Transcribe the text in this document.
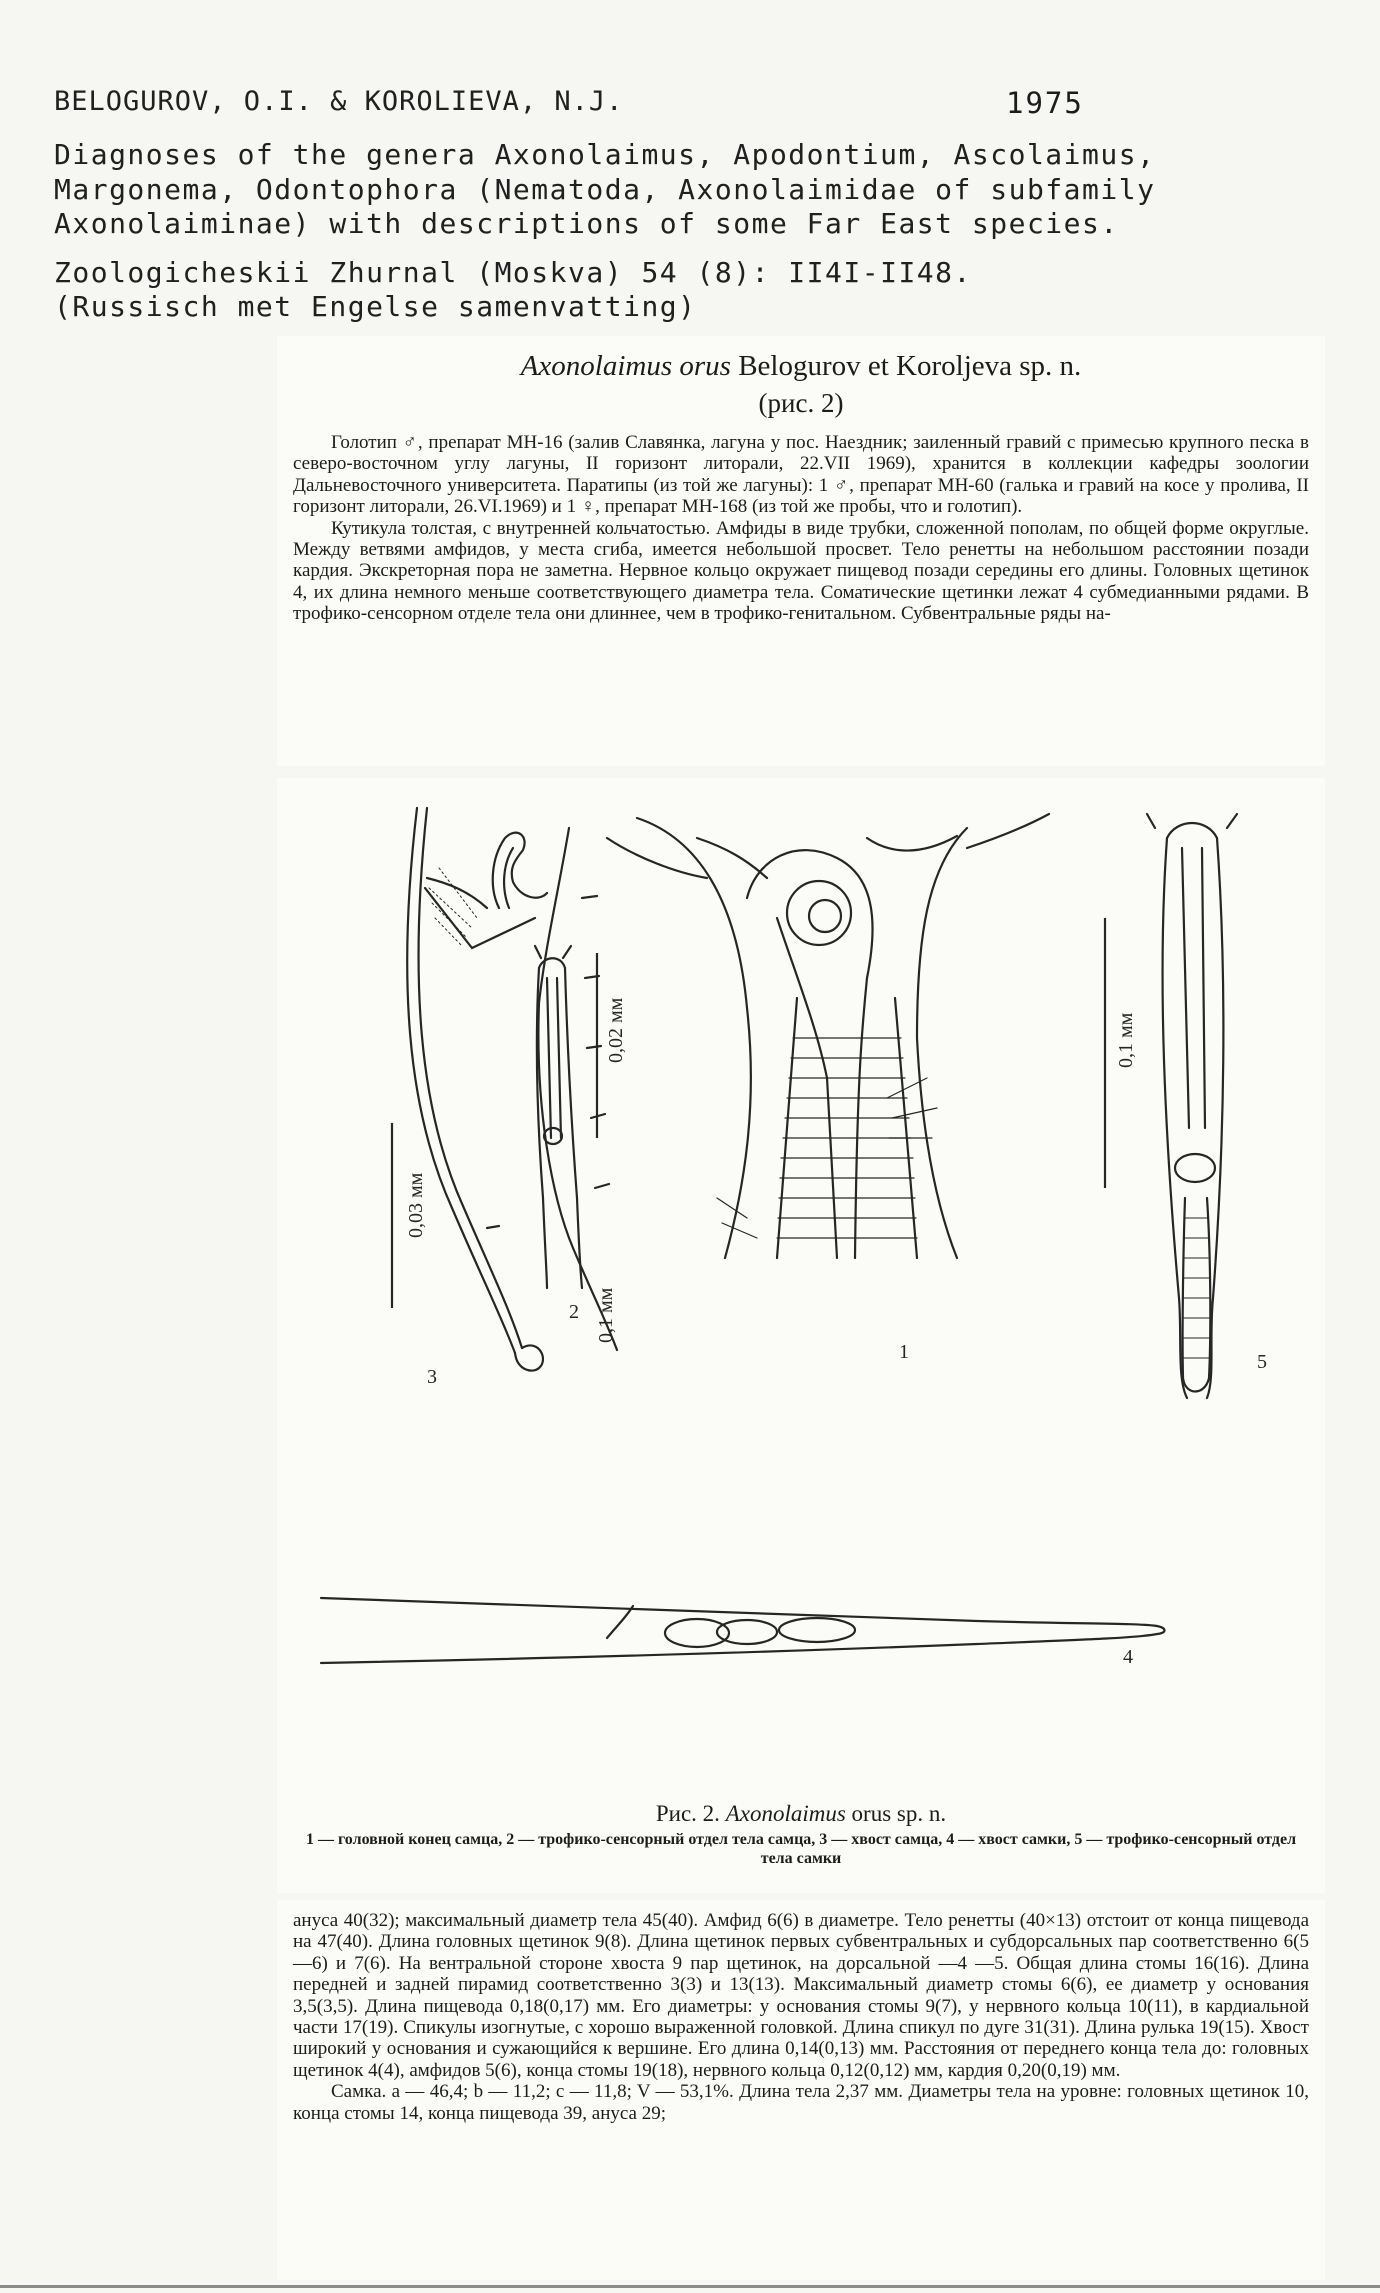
BELOGUROV, O.I. & KOROLIEVA, N.J.	1975
Diagnoses of the genera Axonolaimus, Apodontium, Ascolaimus,
Margonema, Odontophora (Nematoda, Axonolaimidae of subfamily
Axonolaiminae) with descriptions of some Far East species.
Zoologicheskii Zhurnal (Moskva) 54 (8): II4I-II48.
(Russisch met Engelse samenvatting)
Axonolaimus orus Belogurov et Koroljeva sp. n.
(рис. 2)

Голотип ♂, препарат МН-16 (залив Славянка, лагуна у пос. Наездник; заиленный гравий с примесью крупного песка в северо-восточном углу лагуны, II горизонт литорали, 22.VII 1969), хранится в коллекции кафедры зоологии Дальневосточного университета. Паратипы (из той же лагуны): 1 ♂, препарат МН-60 (галька и гравий на косе у пролива, II горизонт литорали, 26.VI.1969) и 1 ♀, препарат МН-168 (из той же пробы, что и голотип).

Кутикула толстая, с внутренней кольчатостью. Амфиды в виде трубки, сложенной пополам, по общей форме округлые. Между ветвями амфидов, у места сгиба, имеется небольшой просвет. Тело ренетты на небольшом расстоянии позади кардия. Экскреторная пора не заметна. Нервное кольцо окружает пищевод позади середины его длины. Головных щетинок 4, их длина немного меньше соответствующего диаметра тела. Соматические щетинки лежат 4 субмедианными рядами. В трофико-сенсорном отделе тела они длиннее, чем в трофико-генитальном. Субвентральные ряды на-

1
2
3
4
5
0,02 мм
0,1 мм
0,03 мм
0,1 мм
Рис. 2. Axonolaimus orus sp. n.
1 — головной конец самца, 2 — трофико-сенсорный отдел тела самца, 3 — хвост самца, 4 — хвост самки, 5 — трофико-сенсорный отдел тела самки

ануса 40(32); максимальный диаметр тела 45(40). Амфид 6(6) в диаметре. Тело ренетты (40×13) отстоит от конца пищевода на 47(40). Длина головных щетинок 9(8). Длина щетинок первых субвентральных и субдорсальных пар соответственно 6(5—6) и 7(6). На вентральной стороне хвоста 9 пар щетинок, на дорсальной —4 —5. Общая длина стомы 16(16). Длина передней и задней пирамид соответственно 3(3) и 13(13). Максимальный диаметр стомы 6(6), ее диаметр у основания 3,5(3,5). Длина пищевода 0,18(0,17) мм. Его диаметры: у основания стомы 9(7), у нервного кольца 10(11), в кардиальной части 17(19). Спикулы изогнутые, с хорошо выраженной головкой. Длина спикул по дуге 31(31). Длина рулька 19(15). Хвост широкий у основания и сужающийся к вершине. Его длина 0,14(0,13) мм. Расстояния от переднего конца тела до: головных щетинок 4(4), амфидов 5(6), конца стомы 19(18), нервного кольца 0,12(0,12) мм, кардия 0,20(0,19) мм.

Самка. a — 46,4; b — 11,2; c — 11,8; V — 53,1%. Длина тела 2,37 мм. Диаметры тела на уровне: головных щетинок 10, конца стомы 14, конца пищевода 39, ануса 29;
